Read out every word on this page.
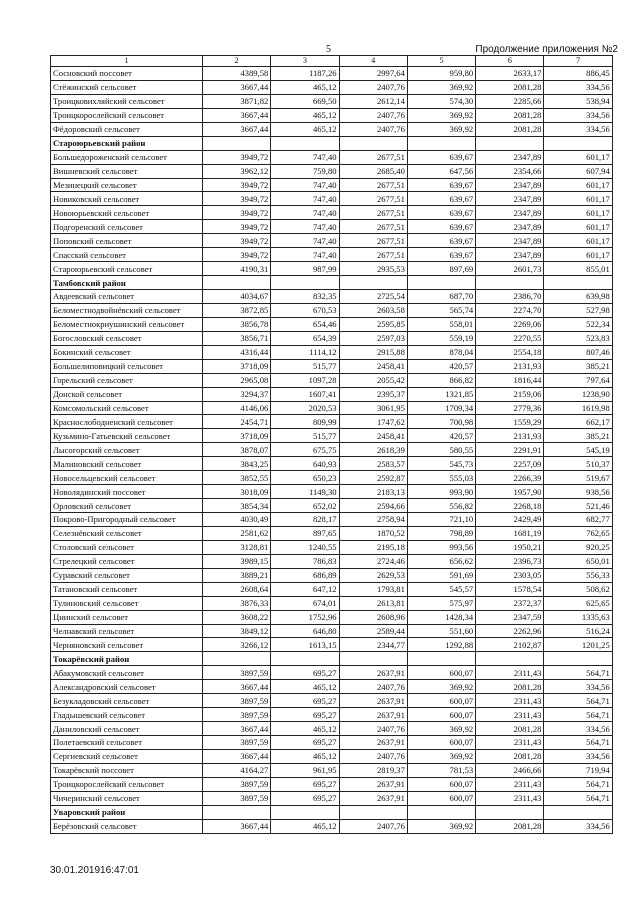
5	Продолжение приложения №2
1	2	3	4	5	6	7
Сосновский поссовет	4389,58	1187,26	2997,64	959,80	2633,17	886,45
Стёжинский сельсовет	3667,44	465,12	2407,76	369,92	2081,28	334,56
Троицковихляйский сельсовет	3871,82	669,50	2612,14	574,30	2285,66	538,94
Троицкорослейский сельсовет	3667,44	465,12	2407,76	369,92	2081,28	334,56
Фёдоровский сельсовет	3667,44	465,12	2407,76	369,92	2081,28	334,56
Староюрьевский район						
Большедороженский сельсовет	3949,72	747,40	2677,51	639,67	2347,89	601,17
Вишневский сельсовет	3962,12	759,80	2685,40	647,56	2354,66	607,94
Мезинецкий сельсовет	3949,72	747,40	2677,51	639,67	2347,89	601,17
Новиковский сельсовет	3949,72	747,40	2677,51	639,67	2347,89	601,17
Новоюрьевский сельсовет	3949,72	747,40	2677,51	639,67	2347,89	601,17
Подгоренский сельсовет	3949,72	747,40	2677,51	639,67	2347,89	601,17
Поповский сельсовет	3949,72	747,40	2677,51	639,67	2347,89	601,17
Спасский сельсовет	3949,72	747,40	2677,51	639,67	2347,89	601,17
Староюрьевский сельсовет	4190,31	987,99	2935,53	897,69	2601,73	855,01
Тамбовский район						
Авдеевский сельсовет	4034,67	832,35	2725,54	687,70	2386,70	639,98
Беломестнодвойнёвский сельсовет	3872,85	670,53	2603,58	565,74	2274,70	527,98
Беломестнокриушинский сельсовет	3856,78	654,46	2595,85	558,01	2269,06	522,34
Богословский сельсовет	3856,71	654,39	2597,03	559,19	2270,55	523,83
Бокинский сельсовет	4316,44	1114,12	2915,88	878,04	2554,18	807,46
Большелиповицкий сельсовет	3718,09	515,77	2458,41	420,57	2131,93	385,21
Горельский сельсовет	2965,08	1097,28	2055,42	866,82	1816,44	797,64
Донской сельсовет	3294,37	1607,41	2395,37	1321,85	2159,06	1238,90
Комсомольский сельсовет	4146,06	2020,53	3061,95	1709,34	2779,36	1619,98
Краснослободненский сельсовет	2454,71	809,99	1747,62	700,98	1559,29	662,17
Кузьмино-Гатьевский сельсовет	3718,09	515,77	2458,41	420,57	2131,93	385,21
Лысогорский сельсовет	3878,07	675,75	2618,39	580,55	2291,91	545,19
Малиновский сельсовет	3843,25	640,93	2583,57	545,73	2257,09	510,37
Новосельцевский сельсовет	3852,55	650,23	2592,87	555,03	2266,39	519,67
Новолядинский поссовет	3018,09	1149,30	2183,13	993,90	1957,90	938,56
Орловский сельсовет	3854,34	652,02	2594,66	556,82	2268,18	521,46
Покрово-Пригородный сельсовет	4030,49	828,17	2758,94	721,10	2429,49	682,77
Селезнёвский сельсовет	2581,62	897,65	1870,52	798,89	1681,19	762,65
Столовский сельсовет	3128,81	1240,55	2195,18	993,56	1950,21	920,25
Стрелецкий сельсовет	3989,15	786,83	2724,46	656,62	2396,73	650,01
Суравский сельсовет	3889,21	686,89	2629,53	591,69	2303,05	556,33
Татановский сельсовет	2608,64	647,12	1793,81	545,57	1578,54	508,62
Тулиновский сельсовет	3876,33	674,01	2613,81	575,97	2372,37	625,65
Цнинский сельсовет	3608,22	1752,96	2608,96	1428,34	2347,59	1335,63
Челнавский сельсовет	3849,12	646,80	2589,44	551,60	2262,96	516,24
Черняновский сельсовет	3266,12	1613,15	2344,77	1292,88	2102,87	1201,25
Токарёвский район						
Абакумовский сельсовет	3897,59	695,27	2637,91	600,07	2311,43	564,71
Александровский сельсовет	3667,44	465,12	2407,76	369,92	2081,28	334,56
Безукладовский сельсовет	3897,59	695,27	2637,91	600,07	2311,43	564,71
Гладышевский сельсовет	3897,59	695,27	2637,91	600,07	2311,43	564,71
Даниловский сельсовет	3667,44	465,12	2407,76	369,92	2081,28	334,56
Полетаевский сельсовет	3897,59	695,27	2637,91	600,07	2311,43	564,71
Сергиевский сельсовет	3667,44	465,12	2407,76	369,92	2081,28	334,56
Токарёвский поссовет	4164,27	961,95	2819,37	781,53	2466,66	719,94
Троицкорослейский сельсовет	3897,59	695,27	2637,91	600,07	2311,43	564,71
Чичеринский сельсовет	3897,59	695,27	2637,91	600,07	2311,43	564,71
Уваровский район						
Берёзовский сельсовет	3667,44	465,12	2407,76	369,92	2081,28	334,56
30.01.201916:47:01
